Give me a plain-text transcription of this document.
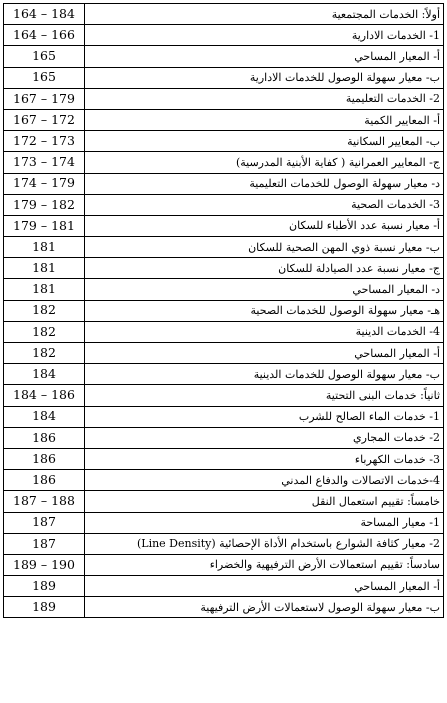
164 – 184	أولاً: الخدمات المجتمعية
164 – 166	1- الخدمات الادارية
165	أ- المعيار المساحي
165	ب- معيار سهولة الوصول للخدمات الادارية
167 – 179	2- الخدمات التعليمية
167 – 172	أ- المعايير الكمية
172 – 173	ب- المعايير السكانية
173 – 174	ج- المعايير العمرانية ( كفاية الأبنية المدرسية)
174 – 179	د- معيار سهولة الوصول للخدمات التعليمية
179 – 182	3- الخدمات الصحية
179 – 181	أ- معيار نسبة عدد الأطباء للسكان
181	ب- معيار نسبة ذوي المهن الصحية للسكان
181	ج- معيار نسبة عدد الصيادلة للسكان
181	د- المعيار المساحي
182	هـ- معيار سهولة الوصول للخدمات الصحية
182	4- الخدمات الدينية
182	أ- المعيار المساحي
184	ب- معيار سهولة الوصول للخدمات الدينية
184 – 186	ثانياً: خدمات البنى التحتية
184	1- خدمات الماء الصالح للشرب
186	2- خدمات المجاري
186	3- خدمات الكهرباء
186	4-خدمات الاتصالات والدفاع المدني
187 – 188	خامساً: تقييم استعمال النقل
187	1- معيار المساحة
187	2- معيار كثافة الشوارع باستخدام الأداة الإحصائية (Line Density)
189 – 190	سادساً: تقييم استعمالات الأرض الترفيهية والخضراء
189	أ- المعيار المساحي
189	ب- معيار سهولة الوصول لاستعمالات الأرض الترفيهية
